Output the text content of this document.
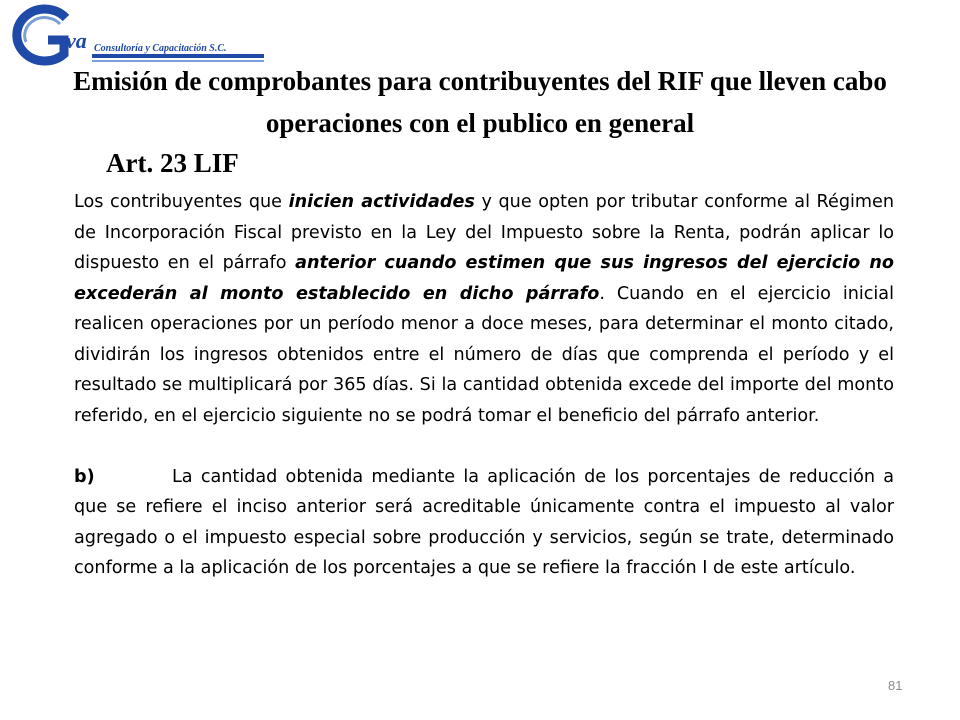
va Consultoría y Capacitación S.C.
Emisión de comprobantes para contribuyentes del RIF que lleven cabo operaciones con el publico en general
Art. 23 LIF

Los contribuyentes que inicien actividades y que opten por tributar conforme al Régimen de Incorporación Fiscal previsto en la Ley del Impuesto sobre la Renta, podrán aplicar lo dispuesto en el párrafo anterior cuando estimen que sus ingresos del ejercicio no excederán al monto establecido en dicho párrafo. Cuando en el ejercicio inicial realicen operaciones por un período menor a doce meses, para determinar el monto citado, dividirán los ingresos obtenidos entre el número de días que comprenda el período y el resultado se multiplicará por 365 días. Si la cantidad obtenida excede del importe del monto referido, en el ejercicio siguiente no se podrá tomar el beneficio del párrafo anterior.

b)	La cantidad obtenida mediante la aplicación de los porcentajes de reducción a que se refiere el inciso anterior será acreditable únicamente contra el impuesto al valor agregado o el impuesto especial sobre producción y servicios, según se trate, determinado conforme a la aplicación de los porcentajes a que se refiere la fracción I de este artículo.

81
